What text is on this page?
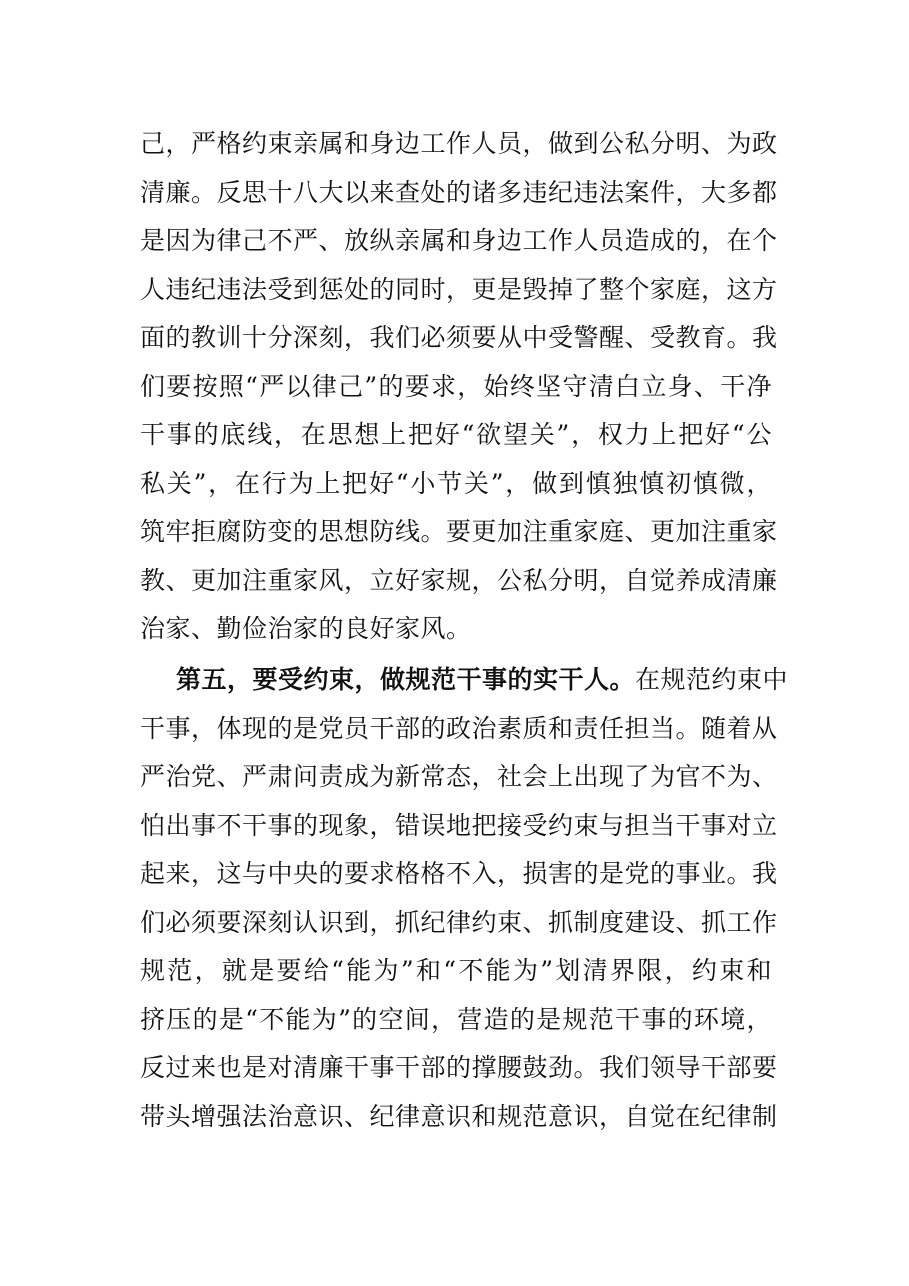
己，严格约束亲属和身边工作人员，做到公私分明、为政
清廉。反思十八大以来查处的诸多违纪违法案件，大多都
是因为律己不严、放纵亲属和身边工作人员造成的，在个
人违纪违法受到惩处的同时，更是毁掉了整个家庭，这方
面的教训十分深刻，我们必须要从中受警醒、受教育。我
们要按照“严以律己”的要求，始终坚守清白立身、干净
干事的底线，在思想上把好“欲望关”，权力上把好“公
私关”，在行为上把好“小节关”，做到慎独慎初慎微，
筑牢拒腐防变的思想防线。要更加注重家庭、更加注重家
教、更加注重家风，立好家规，公私分明，自觉养成清廉
治家、勤俭治家的良好家风。
第五，要受约束，做规范干事的实干人。在规范约束中
干事，体现的是党员干部的政治素质和责任担当。随着从
严治党、严肃问责成为新常态，社会上出现了为官不为、
怕出事不干事的现象，错误地把接受约束与担当干事对立
起来，这与中央的要求格格不入，损害的是党的事业。我
们必须要深刻认识到，抓纪律约束、抓制度建设、抓工作
规范，就是要给“能为”和“不能为”划清界限，约束和
挤压的是“不能为”的空间，营造的是规范干事的环境，
反过来也是对清廉干事干部的撑腰鼓劲。我们领导干部要
带头增强法治意识、纪律意识和规范意识，自觉在纪律制
